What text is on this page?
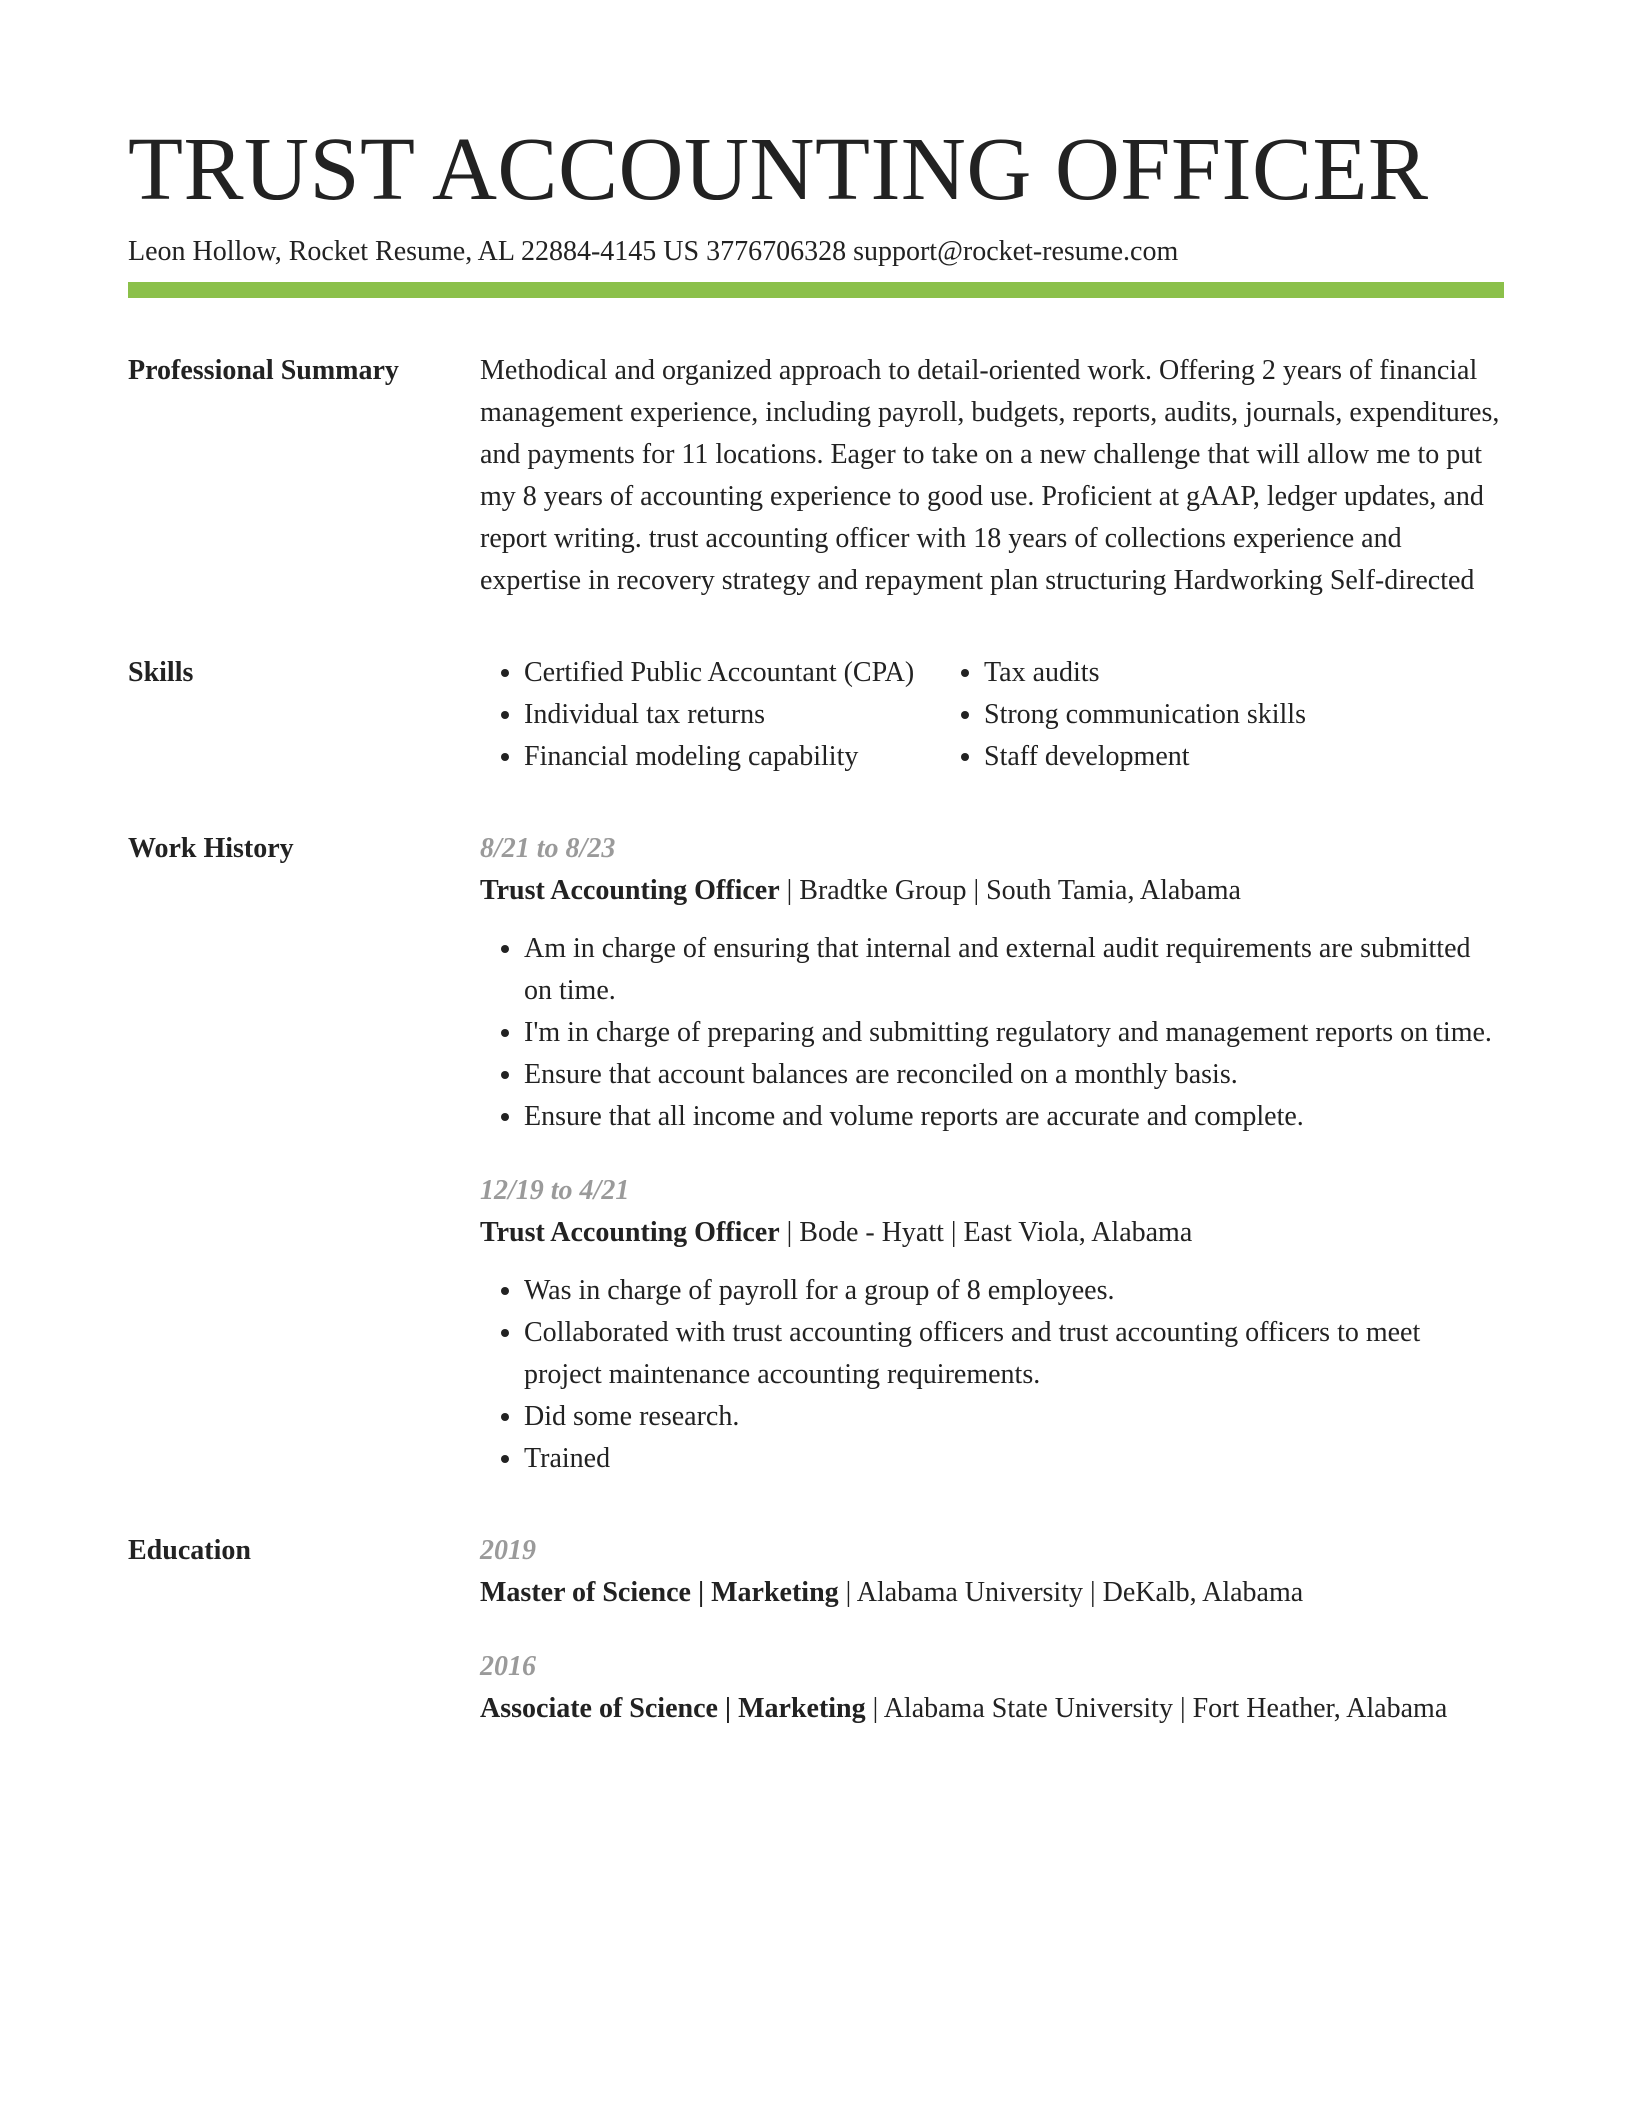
TRUST ACCOUNTING OFFICER
Leon Hollow, Rocket Resume, AL 22884-4145 US 3776706328 support@rocket-resume.com
Professional Summary	Methodical and organized approach to detail-oriented work. Offering 2 years of financial management experience, including payroll, budgets, reports, audits, journals, expenditures, and payments for 11 locations. Eager to take on a new challenge that will allow me to put my 8 years of accounting experience to good use. Proficient at gAAP, ledger updates, and report writing. trust accounting officer with 18 years of collections experience and expertise in recovery strategy and repayment plan structuring Hardworking Self-directed

Skills
•	Certified Public Accountant (CPA)
• Individual tax returns
• Financial modeling capability
• Tax audits
• Strong communication skills
• Staff development
Work History	8/21 to 8/23
Trust Accounting Officer | Bradtke Group | South Tamia, Alabama
• Am in charge of ensuring that internal and external audit requirements are submitted on time.
• I'm in charge of preparing and submitting regulatory and management reports on time.
• Ensure that account balances are reconciled on a monthly basis.
• Ensure that all income and volume reports are accurate and complete.
12/19 to 4/21
Trust Accounting Officer | Bode - Hyatt | East Viola, Alabama
• Was in charge of payroll for a group of 8 employees.
• Collaborated with trust accounting officers and trust accounting officers to meet project maintenance accounting requirements.
• Did some research.
• Trained
Education	2019
Master of Science | Marketing | Alabama University | DeKalb, Alabama
2016
Associate of Science | Marketing | Alabama State University | Fort Heather, Alabama
